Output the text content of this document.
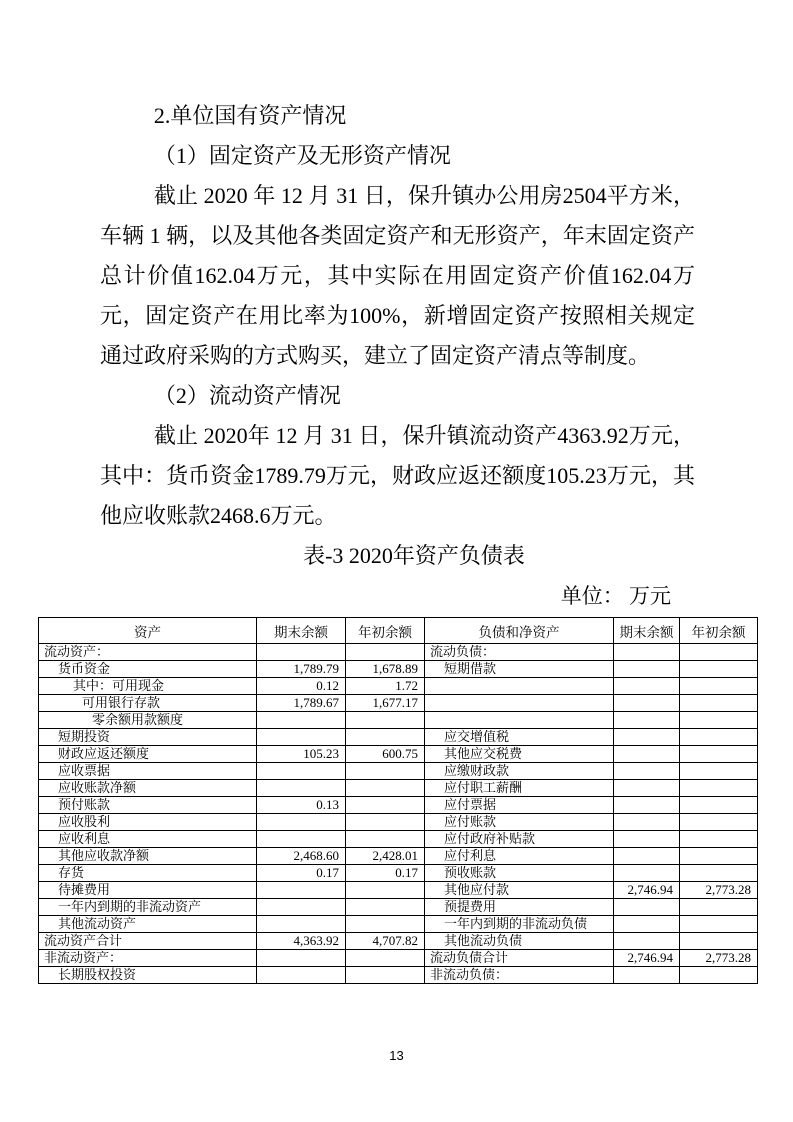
2.单位国有资产情况

（1）固定资产及无形资产情况

截止 2020 年 12 月 31 日，保升镇办公用房2504平方米，车辆 1 辆，以及其他各类固定资产和无形资产，年末固定资产总计价值162.04万元，其中实际在用固定资产价值162.04万元，固定资产在用比率为100%，新增固定资产按照相关规定通过政府采购的方式购买，建立了固定资产清点等制度。

（2）流动资产情况

截止 2020年 12 月 31 日，保升镇流动资产4363.92万元，其中：货币资金1789.79万元，财政应返还额度105.23万元，其他应收账款2468.6万元。

表-3 2020年资产负债表

单位： 万元

资产	期末余额	年初余额	负债和净资产	期末余额	年初余额
流动资产：			流动负债：		
货币资金	1,789.79	1,678.89	短期借款		
其中：可用现金	0.12	1.72			
可用银行存款	1,789.67	1,677.17			
零余额用款额度					
短期投资			应交增值税		
财政应返还额度	105.23	600.75	其他应交税费		
应收票据			应缴财政款		
应收账款净额			应付职工薪酬		
预付账款	0.13		应付票据		
应收股利			应付账款		
应收利息			应付政府补贴款		
其他应收款净额	2,468.60	2,428.01	应付利息		
存货	0.17	0.17	预收账款		
待摊费用			其他应付款	2,746.94	2,773.28
一年内到期的非流动资产			预提费用		
其他流动资产			一年内到期的非流动负债		
流动资产合计	4,363.92	4,707.82	其他流动负债		
非流动资产：			流动负债合计	2,746.94	2,773.28
长期股权投资			非流动负债：		
13
